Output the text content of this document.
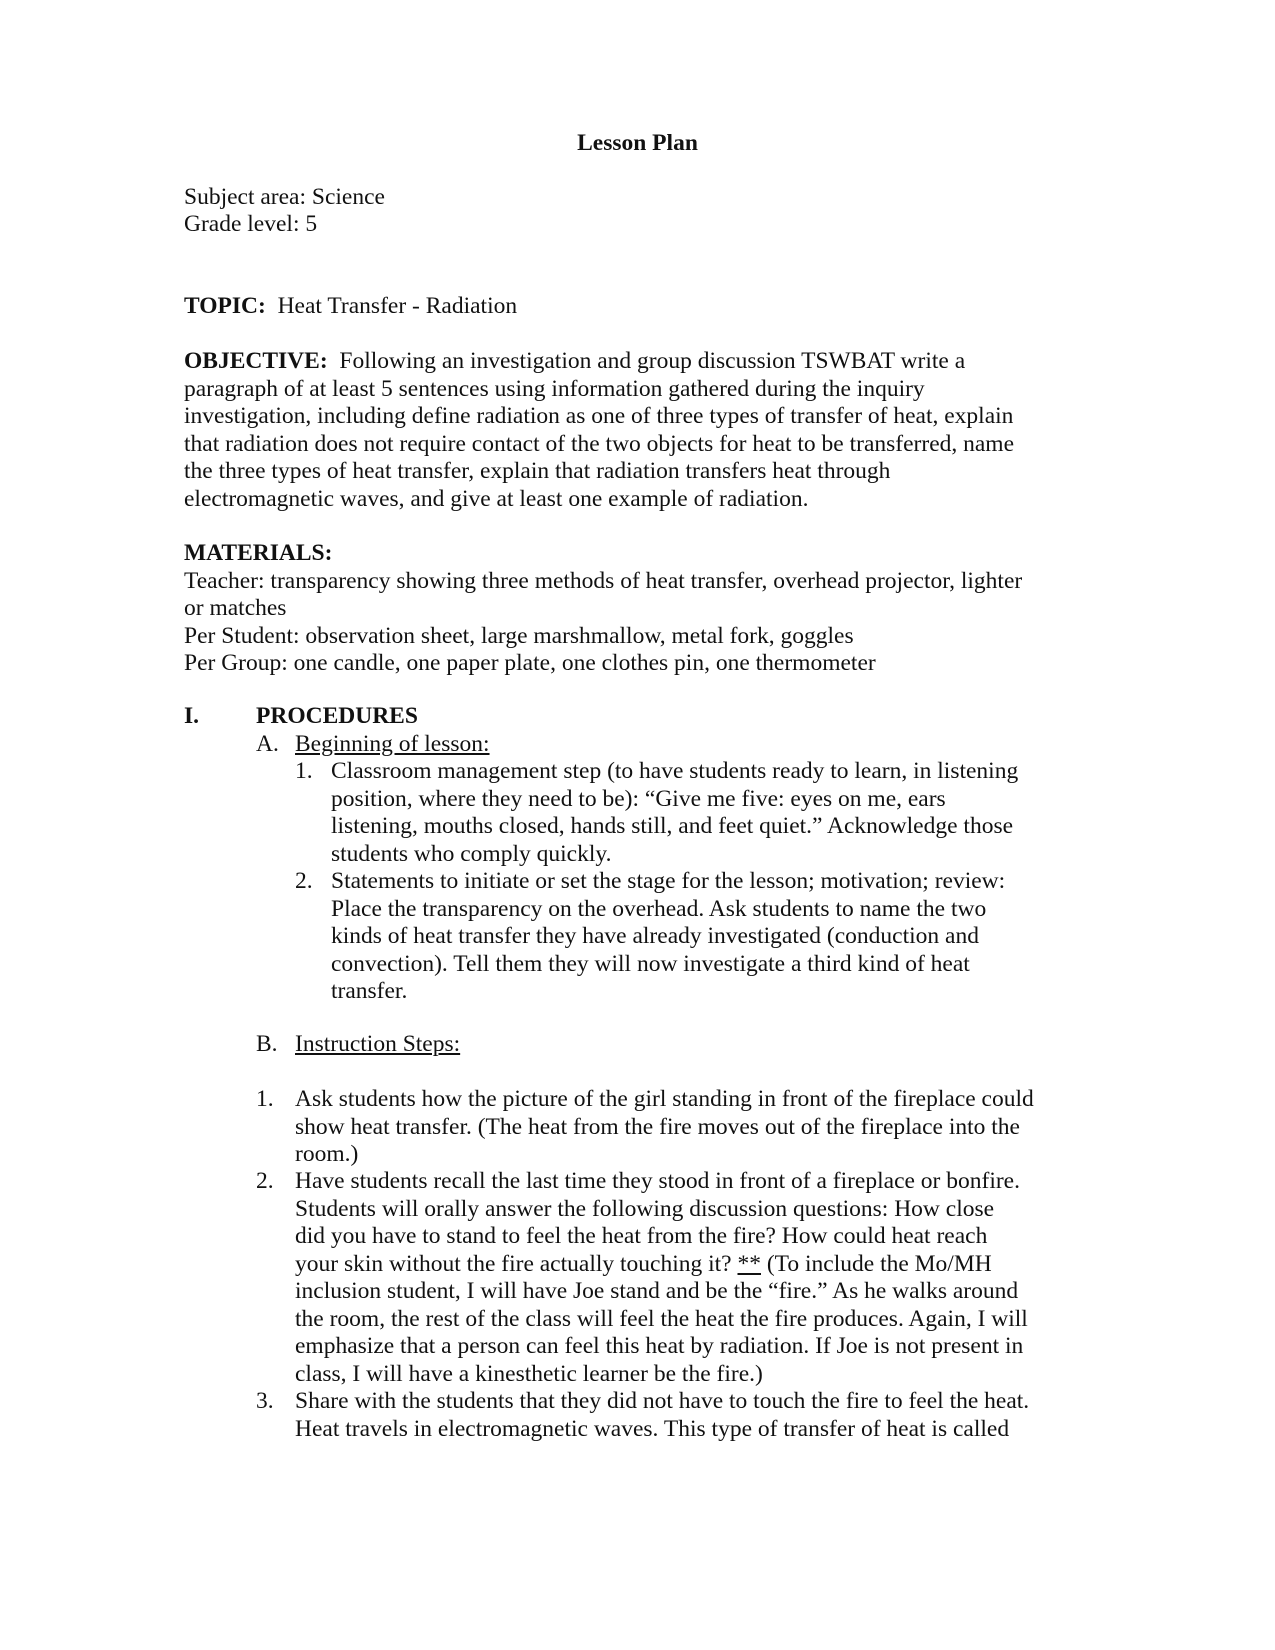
Lesson Plan
Subject area: Science
Grade level: 5
TOPIC: Heat Transfer - Radiation

OBJECTIVE: Following an investigation and group discussion TSWBAT write a

paragraph of at least 5 sentences using information gathered during the inquiry

investigation, including define radiation as one of three types of transfer of heat, explain

that radiation does not require contact of the two objects for heat to be transferred, name

the three types of heat transfer, explain that radiation transfers heat through

electromagnetic waves, and give at least one example of radiation.

MATERIALS:

Teacher: transparency showing three methods of heat transfer, overhead projector, lighter

or matches

Per Student: observation sheet, large marshmallow, metal fork, goggles

Per Group: one candle, one paper plate, one clothes pin, one thermometer

I. PROCEDURES
A. Beginning of lesson:
1. Classroom management step (to have students ready to learn, in listening

position, where they need to be): “Give me five: eyes on me, ears

listening, mouths closed, hands still, and feet quiet.” Acknowledge those

students who comply quickly.

2. Statements to initiate or set the stage for the lesson; motivation; review:

Place the transparency on the overhead. Ask students to name the two

kinds of heat transfer they have already investigated (conduction and

convection). Tell them they will now investigate a third kind of heat

transfer.

B. Instruction Steps:
1. Ask students how the picture of the girl standing in front of the fireplace could

show heat transfer. (The heat from the fire moves out of the fireplace into the

room.)

2. Have students recall the last time they stood in front of a fireplace or bonfire.

Students will orally answer the following discussion questions: How close

did you have to stand to feel the heat from the fire? How could heat reach

your skin without the fire actually touching it? ** (To include the Mo/MH

inclusion student, I will have Joe stand and be the “fire.” As he walks around

the room, the rest of the class will feel the heat the fire produces. Again, I will

emphasize that a person can feel this heat by radiation. If Joe is not present in

class, I will have a kinesthetic learner be the fire.)

3. Share with the students that they did not have to touch the fire to feel the heat.

Heat travels in electromagnetic waves. This type of transfer of heat is called
